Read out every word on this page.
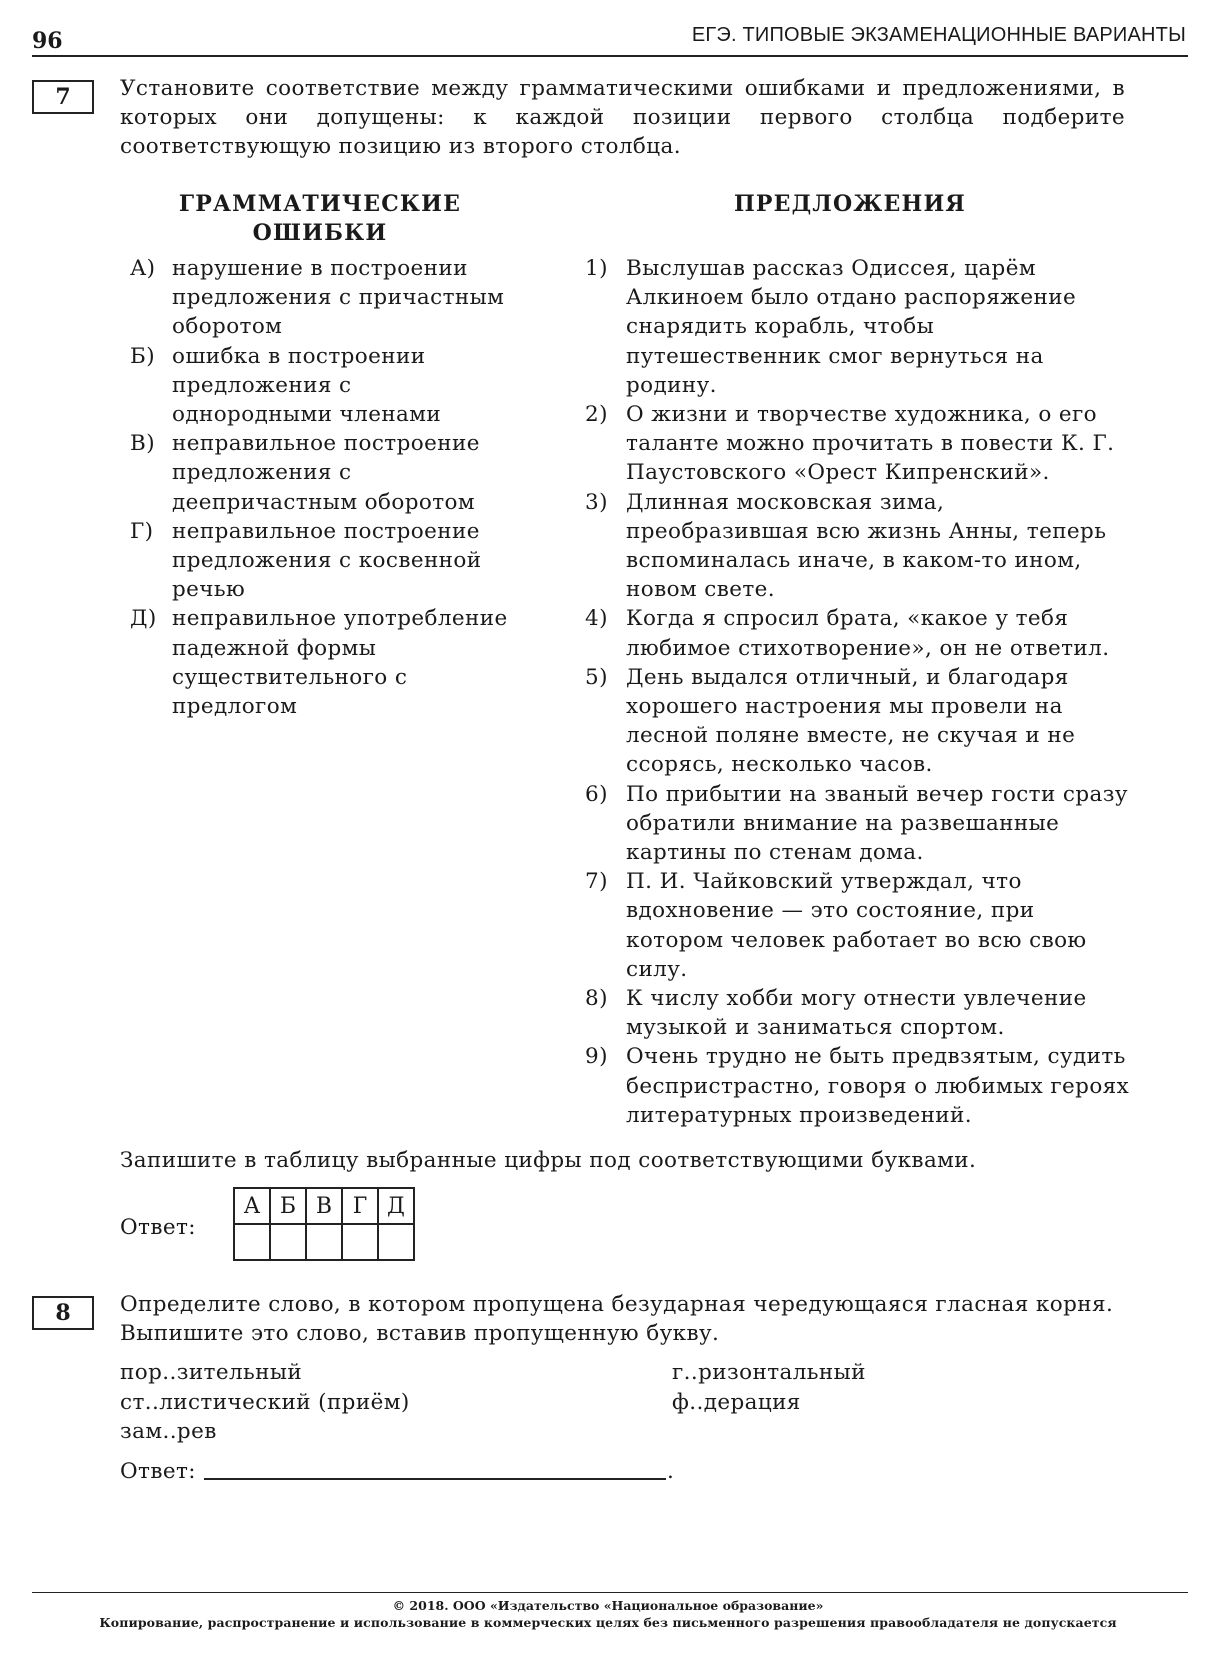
96	ЕГЭ. ТИПОВЫЕ ЭКЗАМЕНАЦИОННЫЕ ВАРИАНТЫ
7	Установите соответствие между грамматическими ошибками и предложениями, в которых они допущены: к каждой позиции первого столбца подберите соответствующую позицию из второго столбца.
ГРАММАТИЧЕСКИЕ ОШИБКИ
ПРЕДЛОЖЕНИЯ
А) нарушение в построении предложения с причастным оборотом
Б) ошибка в построении предложения с однородными членами
В) неправильное построение предложения с деепричастным оборотом
Г) неправильное построение предложения с косвенной речью
Д) неправильное употребление падежной формы существительного с предлогом
1) Выслушав рассказ Одиссея, царём Алкиноем было отдано распоряжение снарядить корабль, чтобы путешественник смог вернуться на родину.
2) О жизни и творчестве художника, о его таланте можно прочитать в повести К. Г. Паустовского «Орест Кипренский».
3) Длинная московская зима, преобразившая всю жизнь Анны, теперь вспоминалась иначе, в каком-то ином, новом свете.
4) Когда я спросил брата, «какое у тебя любимое стихотворение», он не ответил.
5) День выдался отличный, и благодаря хорошего настроения мы провели на лесной поляне вместе, не скучая и не ссорясь, несколько часов.
6) По прибытии на званый вечер гости сразу обратили внимание на развешанные картины по стенам дома.
7) П. И. Чайковский утверждал, что вдохновение — это состояние, при котором человек работает во всю свою силу.
8) К числу хобби могу отнести увлечение музыкой и заниматься спортом.
9) Очень трудно не быть предвзятым, судить беспристрастно, говоря о любимых героях литературных произведений.
Запишите в таблицу выбранные цифры под соответствующими буквами.
Ответ:
А	Б	В	Г	Д

8	Определите слово, в котором пропущена безударная чередующаяся гласная корня. Выпишите это слово, вставив пропущенную букву.
пор..зительный
ст..листический (приём)
зам..рев
г..ризонтальный
ф..дерация
Ответ:	.
© 2018. ООО «Издательство «Национальное образование»
Копирование, распространение и использование в коммерческих целях без письменного разрешения правообладателя не допускается
